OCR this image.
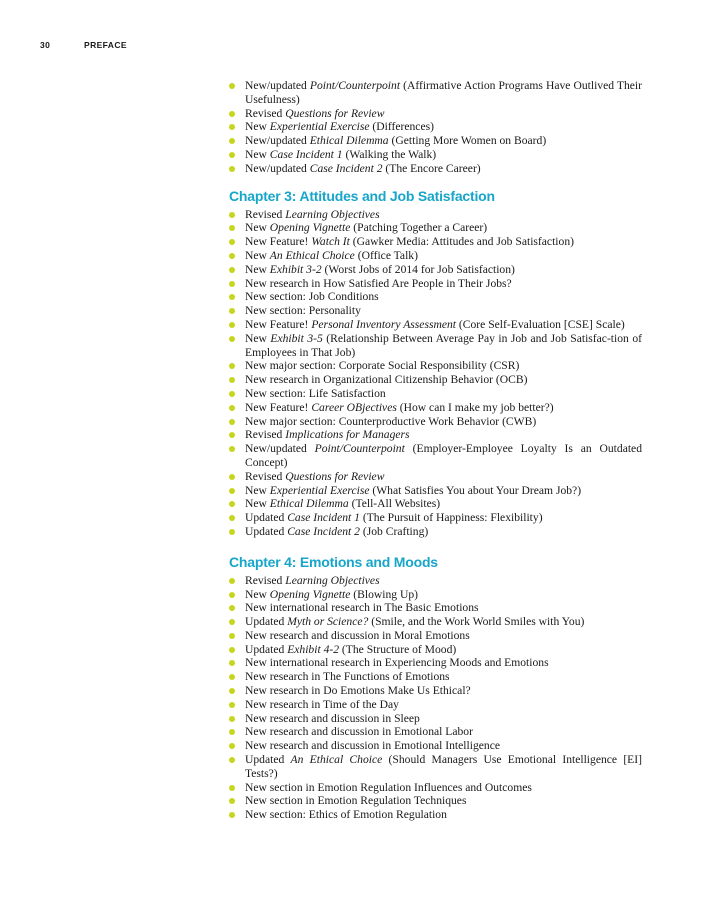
30	PREFACE
New/updated Point/Counterpoint (Affirmative Action Programs Have Outlived Their Usefulness)
Revised Questions for Review
New Experiential Exercise (Differences)
New/updated Ethical Dilemma (Getting More Women on Board)
New Case Incident 1 (Walking the Walk)
New/updated Case Incident 2 (The Encore Career)
Chapter 3: Attitudes and Job Satisfaction
Revised Learning Objectives
New Opening Vignette (Patching Together a Career)
New Feature! Watch It (Gawker Media: Attitudes and Job Satisfaction)
New An Ethical Choice (Office Talk)
New Exhibit 3-2 (Worst Jobs of 2014 for Job Satisfaction)
New research in How Satisfied Are People in Their Jobs?
New section: Job Conditions
New section: Personality
New Feature! Personal Inventory Assessment (Core Self-Evaluation [CSE] Scale)
New Exhibit 3-5 (Relationship Between Average Pay in Job and Job Satisfac-tion of Employees in That Job)
New major section: Corporate Social Responsibility (CSR)
New research in Organizational Citizenship Behavior (OCB)
New section: Life Satisfaction
New Feature! Career OBjectives (How can I make my job better?)
New major section: Counterproductive Work Behavior (CWB)
Revised Implications for Managers
New/updated Point/Counterpoint (Employer-Employee Loyalty Is an Outdated Concept)
Revised Questions for Review
New Experiential Exercise (What Satisfies You about Your Dream Job?)
New Ethical Dilemma (Tell-All Websites)
Updated Case Incident 1 (The Pursuit of Happiness: Flexibility)
Updated Case Incident 2 (Job Crafting)
Chapter 4: Emotions and Moods
Revised Learning Objectives
New Opening Vignette (Blowing Up)
New international research in The Basic Emotions
Updated Myth or Science? (Smile, and the Work World Smiles with You)
New research and discussion in Moral Emotions
Updated Exhibit 4-2 (The Structure of Mood)
New international research in Experiencing Moods and Emotions
New research in The Functions of Emotions
New research in Do Emotions Make Us Ethical?
New research in Time of the Day
New research and discussion in Sleep
New research and discussion in Emotional Labor
New research and discussion in Emotional Intelligence
Updated An Ethical Choice (Should Managers Use Emotional Intelligence [EI] Tests?)
New section in Emotion Regulation Influences and Outcomes
New section in Emotion Regulation Techniques
New section: Ethics of Emotion Regulation
